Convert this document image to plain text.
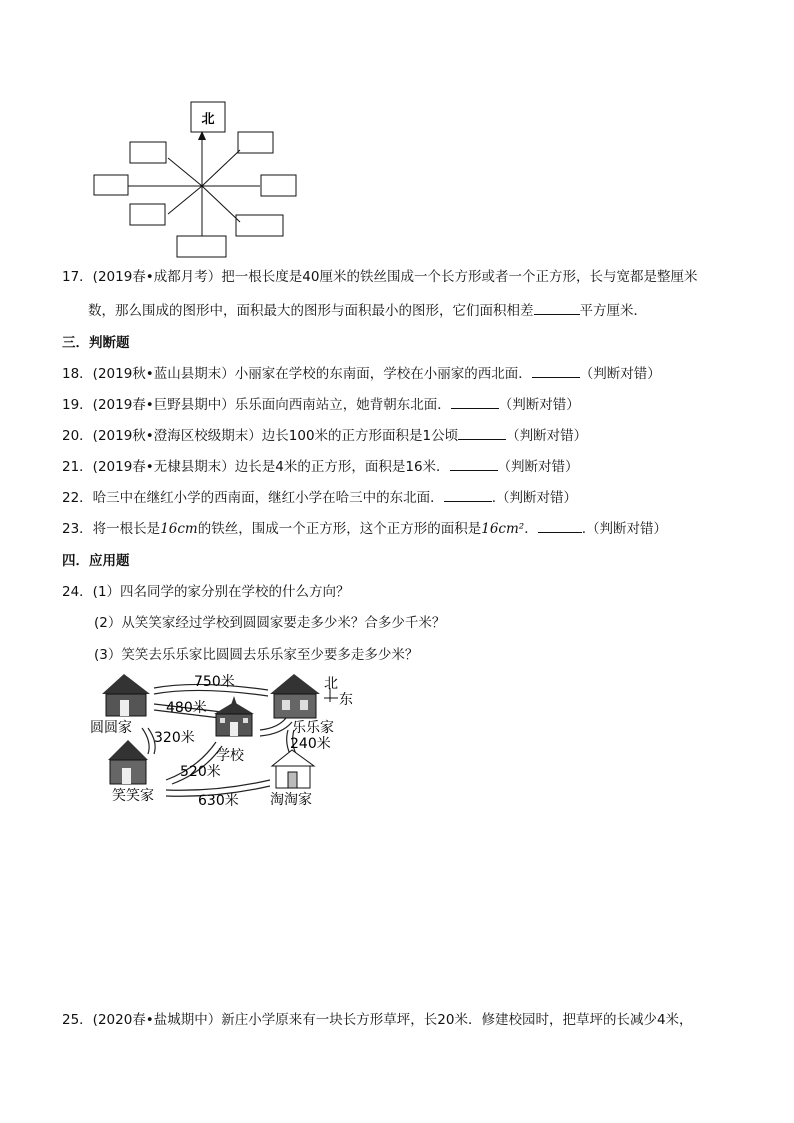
北
17．(2019春•成都月考）把一根长度是40厘米的铁丝围成一个长方形或者一个正方形，长与宽都是整厘米
数，那么围成的图形中，面积最大的图形与面积最小的图形，它们面积相差	平方厘米．
三．判断题
18．(2019秋•蓝山县期末）小丽家在学校的东南面，学校在小丽家的西北面．	（判断对错）
19．(2019春•巨野县期中）乐乐面向西南站立，她背朝东北面．	（判断对错）
20．(2019秋•澄海区校级期末）边长100米的正方形面积是1公顷	（判断对错）
21．(2019春•无棣县期末）边长是4米的正方形，面积是16米．	（判断对错）
22．哈三中在继红小学的西南面，继红小学在哈三中的东北面．	.（判断对错）
23．将一根长是16cm的铁丝，围成一个正方形，这个正方形的面积是16cm²．	.（判断对错）
四．应用题
24．(1）四名同学的家分别在学校的什么方向？
(2）从笑笑家经过学校到圆圆家要走多少米？合多少千米？
(3）笑笑去乐乐家比圆圆去乐乐家至少要多走多少米？
北
东
750米
480米
320米	240米
520米
630米
圆圆家	乐乐家
学校
笑笑家	淘淘家
25．(2020春•盐城期中）新庄小学原来有一块长方形草坪，长20米．修建校园时，把草坪的长减少4米，
